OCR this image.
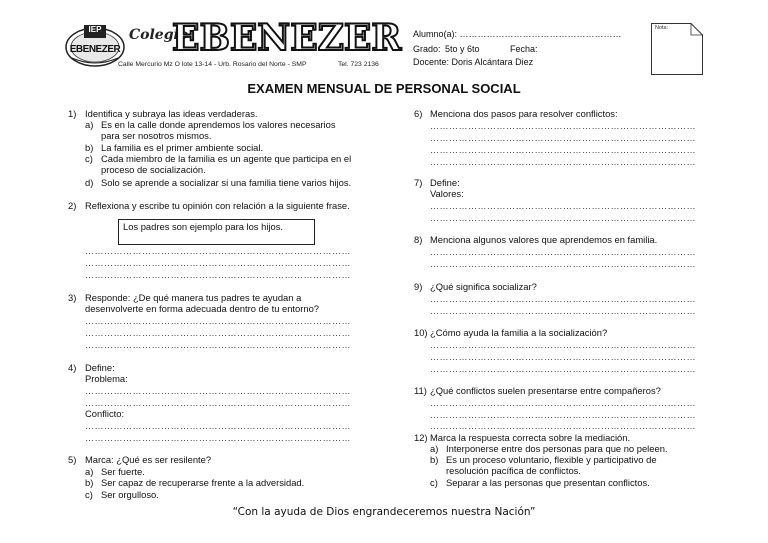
IEP
EBENEZER
Colegio
EBENEZER
Calle Mercurio Mz O lote 13-14 - Urb. Rosario del Norte - SMP	Tel. 723 2136
Alumno(a): ………………………………………………
Grado: 5to y 6to	Fecha:
Docente: Doris Alcántara Diez
Nota:
EXAMEN MENSUAL DE PERSONAL SOCIAL
1) Identifica y subraya las ideas verdaderas.
a) Es en la calle donde aprendemos los valores necesarios
para ser nosotros mismos.
b) La familia es el primer ambiente social.
c) Cada miembro de la familia es un agente que participa en el
proceso de socialización.
d) Solo se aprende a socializar si una familia tiene varios hijos.
2) Reflexiona y escribe tu opinión con relación a la siguiente frase.
Los padres son ejemplo para los hijos.
…………………………………………………………………………
…………………………………………………………………………
…………………………………………………………………………
3) Responde: ¿De qué manera tus padres te ayudan a
desenvolverte en forma adecuada dentro de tu entorno?
…………………………………………………………………………
…………………………………………………………………………
…………………………………………………………………………
4) Define:
Problema:
…………………………………………………………………………
…………………………………………………………………………
Conflicto:
…………………………………………………………………………
…………………………………………………………………………
5) Marca: ¿Qué es ser resilente?
a) Ser fuerte.
b) Ser capaz de recuperarse frente a la adversidad.
c) Ser orgulloso.
6) Menciona dos pasos para resolver conflictos:
…………………………………………………………………………
…………………………………………………………………………
…………………………………………………………………………
…………………………………………………………………………
7) Define:
Valores:
…………………………………………………………………………
…………………………………………………………………………
8) Menciona algunos valores que aprendemos en familia.
…………………………………………………………………………
…………………………………………………………………………
9) ¿Qué significa socializar?
…………………………………………………………………………
…………………………………………………………………………
10) ¿Cómo ayuda la familia a la socialización?
…………………………………………………………………………
…………………………………………………………………………
…………………………………………………………………………
11) ¿Qué conflictos suelen presentarse entre compañeros?
…………………………………………………………………………
…………………………………………………………………………
…………………………………………………………………………
12) Marca la respuesta correcta sobre la mediación.
a) Interponerse entre dos personas para que no peleen.
b) Es un proceso voluntario, flexible y participativo de
resolución pacífica de conflictos.
c) Separar a las personas que presentan conflictos.
“Con la ayuda de Dios engrandeceremos nuestra Nación”
